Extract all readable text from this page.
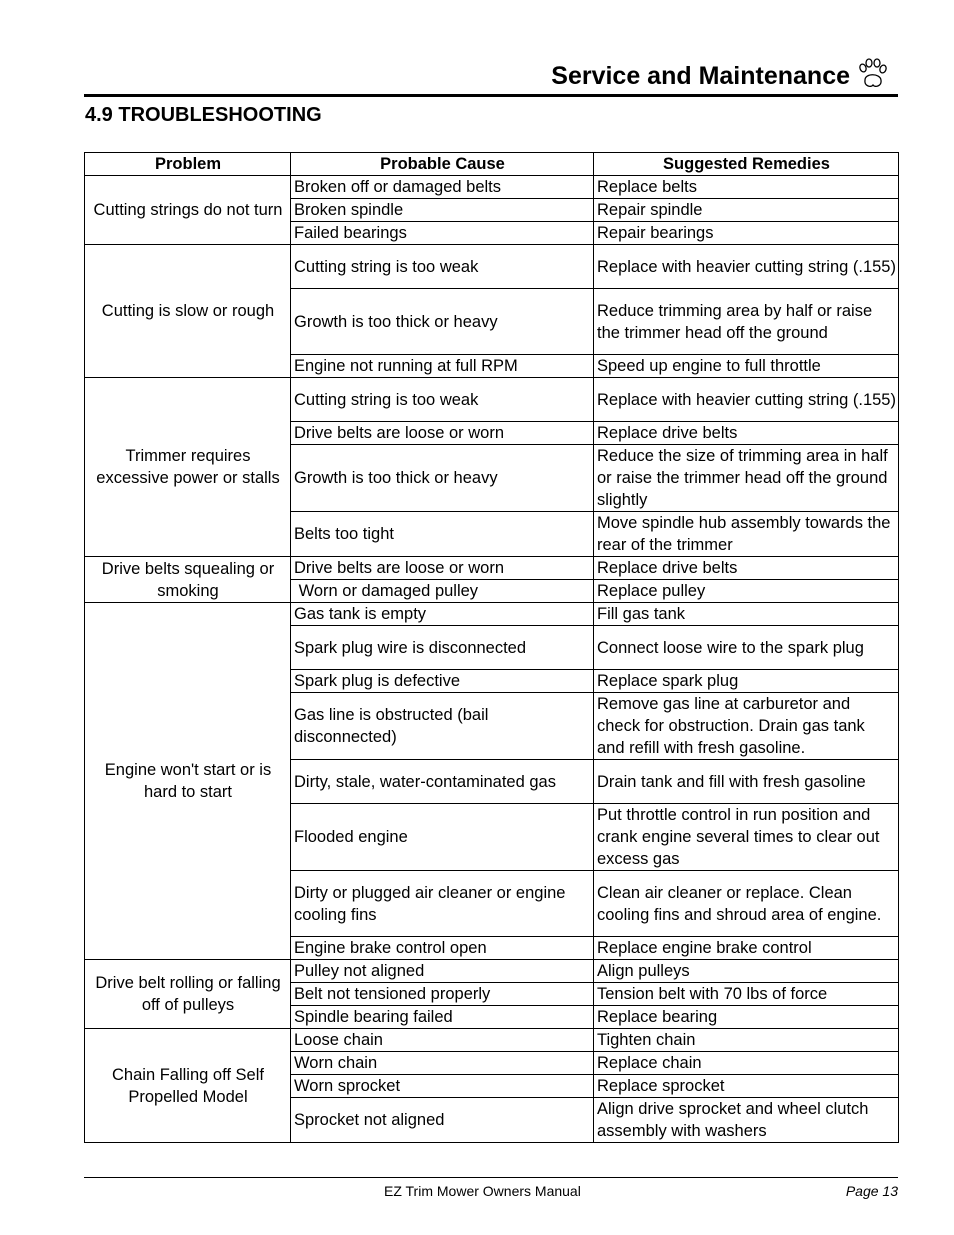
Service and Maintenance
4.9 TROUBLESHOOTING
Problem	Probable Cause	Suggested Remedies
Cutting strings do not turn	Broken off or damaged belts	Replace belts
	Broken spindle	Repair spindle
	Failed bearings	Repair bearings
Cutting is slow or rough	Cutting string is too weak	Replace with heavier cutting string (.155)
	Growth is too thick or heavy	Reduce trimming area by half or raise the trimmer head off the ground
	Engine not running at full RPM	Speed up engine to full throttle
Trimmer requires excessive power or stalls	Cutting string is too weak	Replace with heavier cutting string (.155)
	Drive belts are loose or worn	Replace drive belts
	Growth is too thick or heavy	Reduce the size of trimming area in half or raise the trimmer head off the ground slightly
	Belts too tight	Move spindle hub assembly towards the rear of the trimmer
Drive belts squealing or smoking	Drive belts are loose or worn	Replace drive belts
	Worn or damaged pulley	Replace pulley
Engine won't start or is hard to start	Gas tank is empty	Fill gas tank
	Spark plug wire is disconnected	Connect loose wire to the spark plug
	Spark plug is defective	Replace spark plug
	Gas line is obstructed (bail disconnected)	Remove gas line at carburetor and check for obstruction. Drain gas tank and refill with fresh gasoline.
	Dirty, stale, water-contaminated gas	Drain tank and fill with fresh gasoline
	Flooded engine	Put throttle control in run position and crank engine several times to clear out excess gas
	Dirty or plugged air cleaner or engine cooling fins	Clean air cleaner or replace. Clean cooling fins and shroud area of engine.
	Engine brake control open	Replace engine brake control
Drive belt rolling or falling off of pulleys	Pulley not aligned	Align pulleys
	Belt not tensioned properly	Tension belt with 70 lbs of force
	Spindle bearing failed	Replace bearing
Chain Falling off Self Propelled Model	Loose chain	Tighten chain
	Worn chain	Replace chain
	Worn sprocket	Replace sprocket
	Sprocket not aligned	Align drive sprocket and wheel clutch assembly with washers
EZ Trim Mower Owners Manual	Page 13
